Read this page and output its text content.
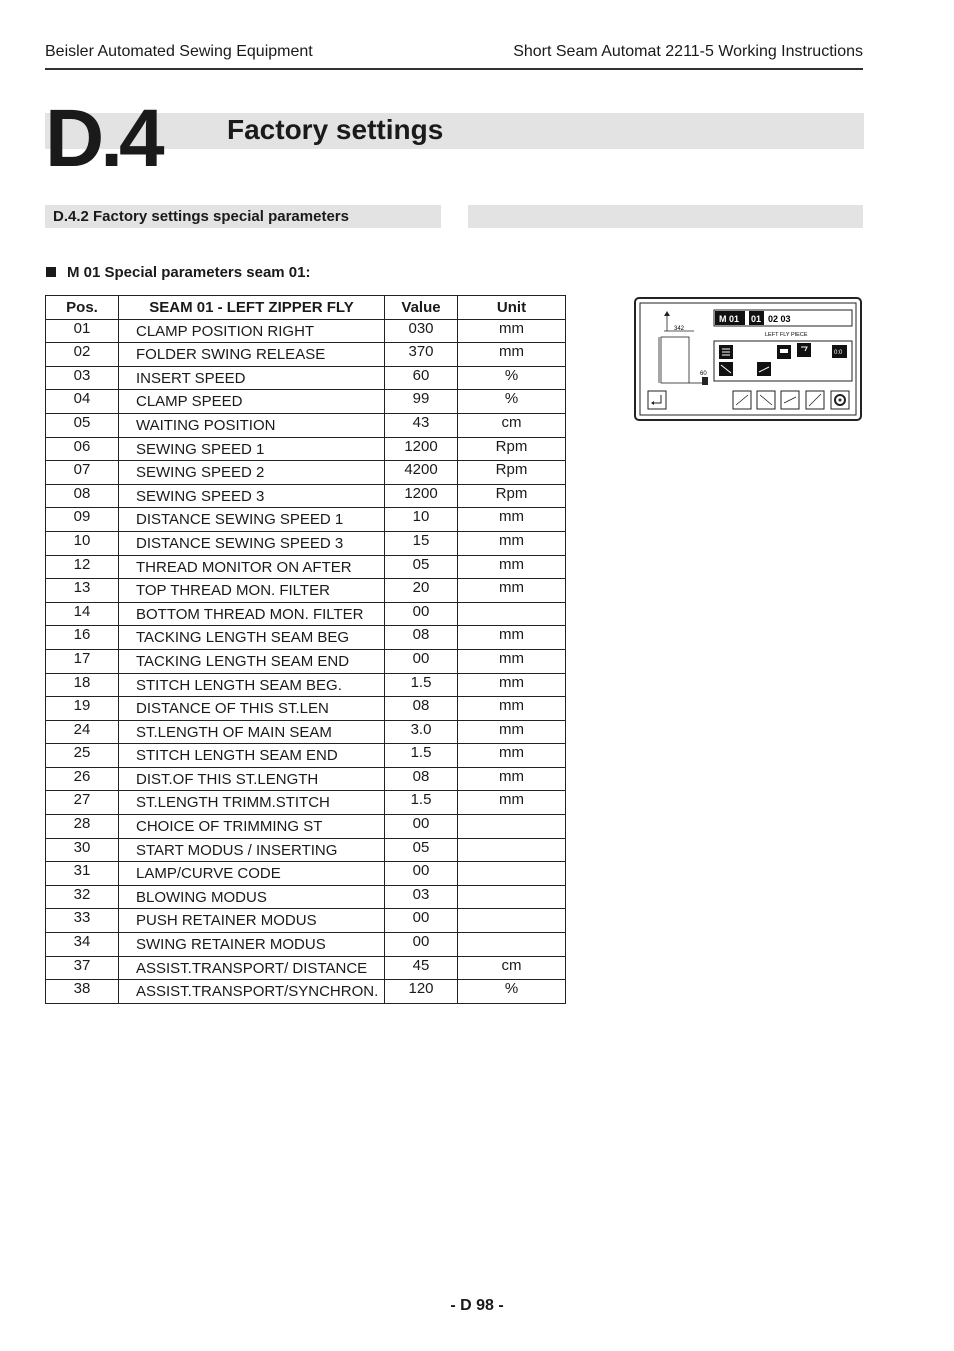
Beisler Automated Sewing Equipment	Short Seam Automat 2211-5 Working Instructions
D.4 Factory settings
D.4.2 Factory settings special parameters
M 01 Special parameters seam 01:
Pos.	SEAM 01 - LEFT ZIPPER FLY	Value	Unit
01	CLAMP POSITION RIGHT	030	mm
02	FOLDER SWING RELEASE	370	mm
03	INSERT SPEED	60	%
04	CLAMP SPEED	99	%
05	WAITING POSITION	43	cm
06	SEWING SPEED 1	1200	Rpm
07	SEWING SPEED 2	4200	Rpm
08	SEWING SPEED 3	1200	Rpm
09	DISTANCE SEWING SPEED 1	10	mm
10	DISTANCE SEWING SPEED 3	15	mm
12	THREAD MONITOR ON AFTER	05	mm
13	TOP THREAD MON. FILTER	20	mm
14	BOTTOM THREAD MON. FILTER	00	
16	TACKING LENGTH SEAM BEG	08	mm
17	TACKING LENGTH SEAM END	00	mm
18	STITCH LENGTH SEAM BEG.	1.5	mm
19	DISTANCE OF THIS ST.LEN	08	mm
24	ST.LENGTH OF MAIN SEAM	3.0	mm
25	STITCH LENGTH SEAM END	1.5	mm
26	DIST.OF THIS ST.LENGTH	08	mm
27	ST.LENGTH TRIMM.STITCH	1.5	mm
28	CHOICE OF TRIMMING ST	00	
30	START MODUS / INSERTING	05	
31	LAMP/CURVE CODE	00	
32	BLOWING MODUS	03	
33	PUSH RETAINER MODUS	00	
34	SWING RETAINER MODUS	00	
37	ASSIST.TRANSPORT/ DISTANCE	45	cm
38	ASSIST.TRANSPORT/SYNCHRON.	120	%
342
60
M 01 01 02 03
LEFT FLY PIECE
0:0
- D 98 -
